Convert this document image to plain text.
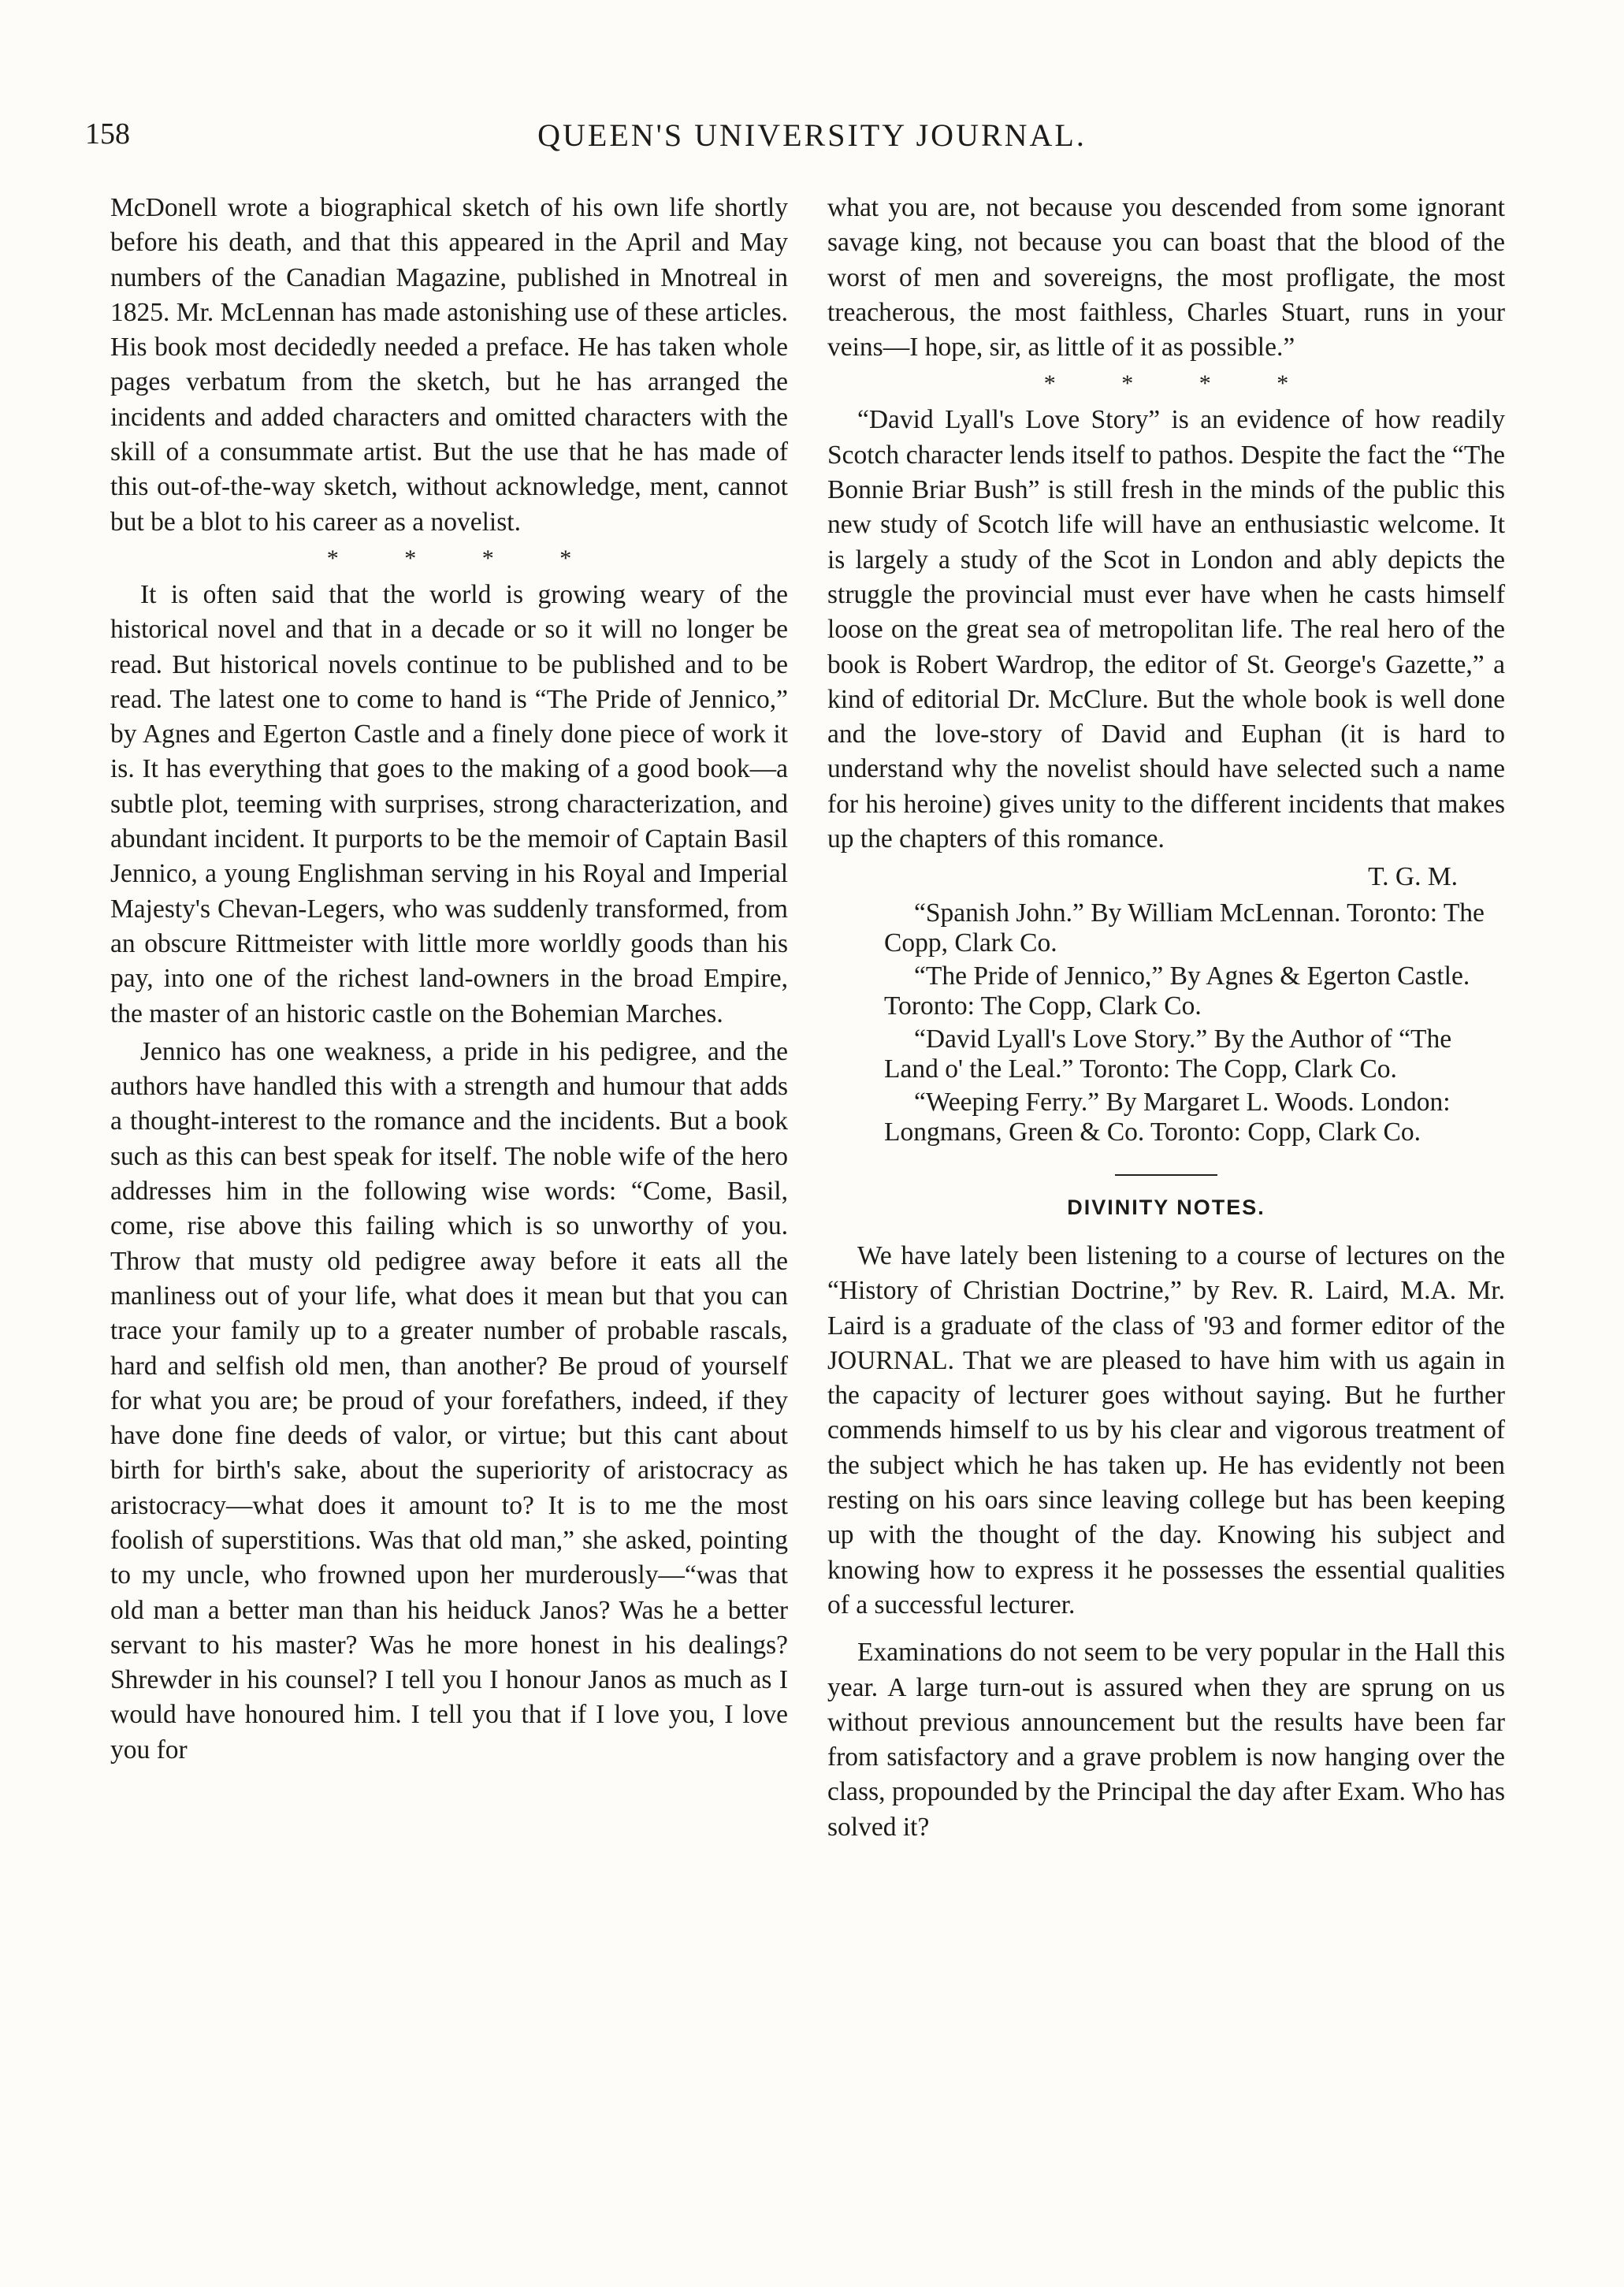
158	QUEEN'S UNIVERSITY JOURNAL.

McDonell wrote a biographical sketch of his own life shortly before his death, and that this appeared in the April and May numbers of the Canadian Magazine, published in Mnotreal in 1825. Mr. McLennan has made astonishing use of these articles. His book most decidedly needed a preface. He has taken whole pages verbatum from the sketch, but he has arranged the incidents and added characters and omitted characters with the skill of a consummate artist. But the use that he has made of this out-of-the-way sketch, without acknowledge, ment, cannot but be a blot to his career as a novelist.

* * * *

It is often said that the world is growing weary of the historical novel and that in a decade or so it will no longer be read. But historical novels continue to be published and to be read. The latest one to come to hand is “The Pride of Jennico,” by Agnes and Egerton Castle and a finely done piece of work it is. It has everything that goes to the making of a good book—a subtle plot, teeming with surprises, strong characterization, and abundant incident. It purports to be the memoir of Captain Basil Jennico, a young Englishman serving in his Royal and Imperial Majesty's Chevan-Legers, who was suddenly transformed, from an obscure Rittmeister with little more worldly goods than his pay, into one of the richest land-owners in the broad Empire, the master of an historic castle on the Bohemian Marches.

Jennico has one weakness, a pride in his pedigree, and the authors have handled this with a strength and humour that adds a thought-interest to the romance and the incidents. But a book such as this can best speak for itself. The noble wife of the hero addresses him in the following wise words: “Come, Basil, come, rise above this failing which is so unworthy of you. Throw that musty old pedigree away before it eats all the manliness out of your life, what does it mean but that you can trace your family up to a greater number of probable rascals, hard and selfish old men, than another? Be proud of yourself for what you are; be proud of your forefathers, indeed, if they have done fine deeds of valor, or virtue; but this cant about birth for birth's sake, about the superiority of aristocracy as aristocracy—what does it amount to? It is to me the most foolish of superstitions. Was that old man,” she asked, pointing to my uncle, who frowned upon her murderously—“was that old man a better man than his heiduck Janos? Was he a better servant to his master? Was he more honest in his dealings? Shrewder in his counsel? I tell you I honour Janos as much as I would have honoured him. I tell you that if I love you, I love you for

what you are, not because you descended from some ignorant savage king, not because you can boast that the blood of the worst of men and sovereigns, the most profligate, the most treacherous, the most faithless, Charles Stuart, runs in your veins—I hope, sir, as little of it as possible.”

* * * *

“David Lyall's Love Story” is an evidence of how readily Scotch character lends itself to pathos. Despite the fact the “The Bonnie Briar Bush” is still fresh in the minds of the public this new study of Scotch life will have an enthusiastic welcome. It is largely a study of the Scot in London and ably depicts the struggle the provincial must ever have when he casts himself loose on the great sea of metropolitan life. The real hero of the book is Robert Wardrop, the editor of St. George's Gazette,” a kind of editorial Dr. McClure. But the whole book is well done and the love-story of David and Euphan (it is hard to understand why the novelist should have selected such a name for his heroine) gives unity to the different incidents that makes up the chapters of this romance.

T. G. M.

“Spanish John.” By William McLennan. Toronto: The Copp, Clark Co.

“The Pride of Jennico,” By Agnes & Egerton Castle. Toronto: The Copp, Clark Co.

“David Lyall's Love Story.” By the Author of “The Land o' the Leal.” Toronto: The Copp, Clark Co.

“Weeping Ferry.” By Margaret L. Woods. London: Longmans, Green & Co. Toronto: Copp, Clark Co.

DIVINITY NOTES.

We have lately been listening to a course of lectures on the “History of Christian Doctrine,” by Rev. R. Laird, M.A. Mr. Laird is a graduate of the class of '93 and former editor of the JOURNAL. That we are pleased to have him with us again in the capacity of lecturer goes without saying. But he further commends himself to us by his clear and vigorous treatment of the subject which he has taken up. He has evidently not been resting on his oars since leaving college but has been keeping up with the thought of the day. Knowing his subject and knowing how to express it he possesses the essential qualities of a successful lecturer.

Examinations do not seem to be very popular in the Hall this year. A large turn-out is assured when they are sprung on us without previous announcement but the results have been far from satisfactory and a grave problem is now hanging over the class, propounded by the Principal the day after Exam. Who has solved it?
